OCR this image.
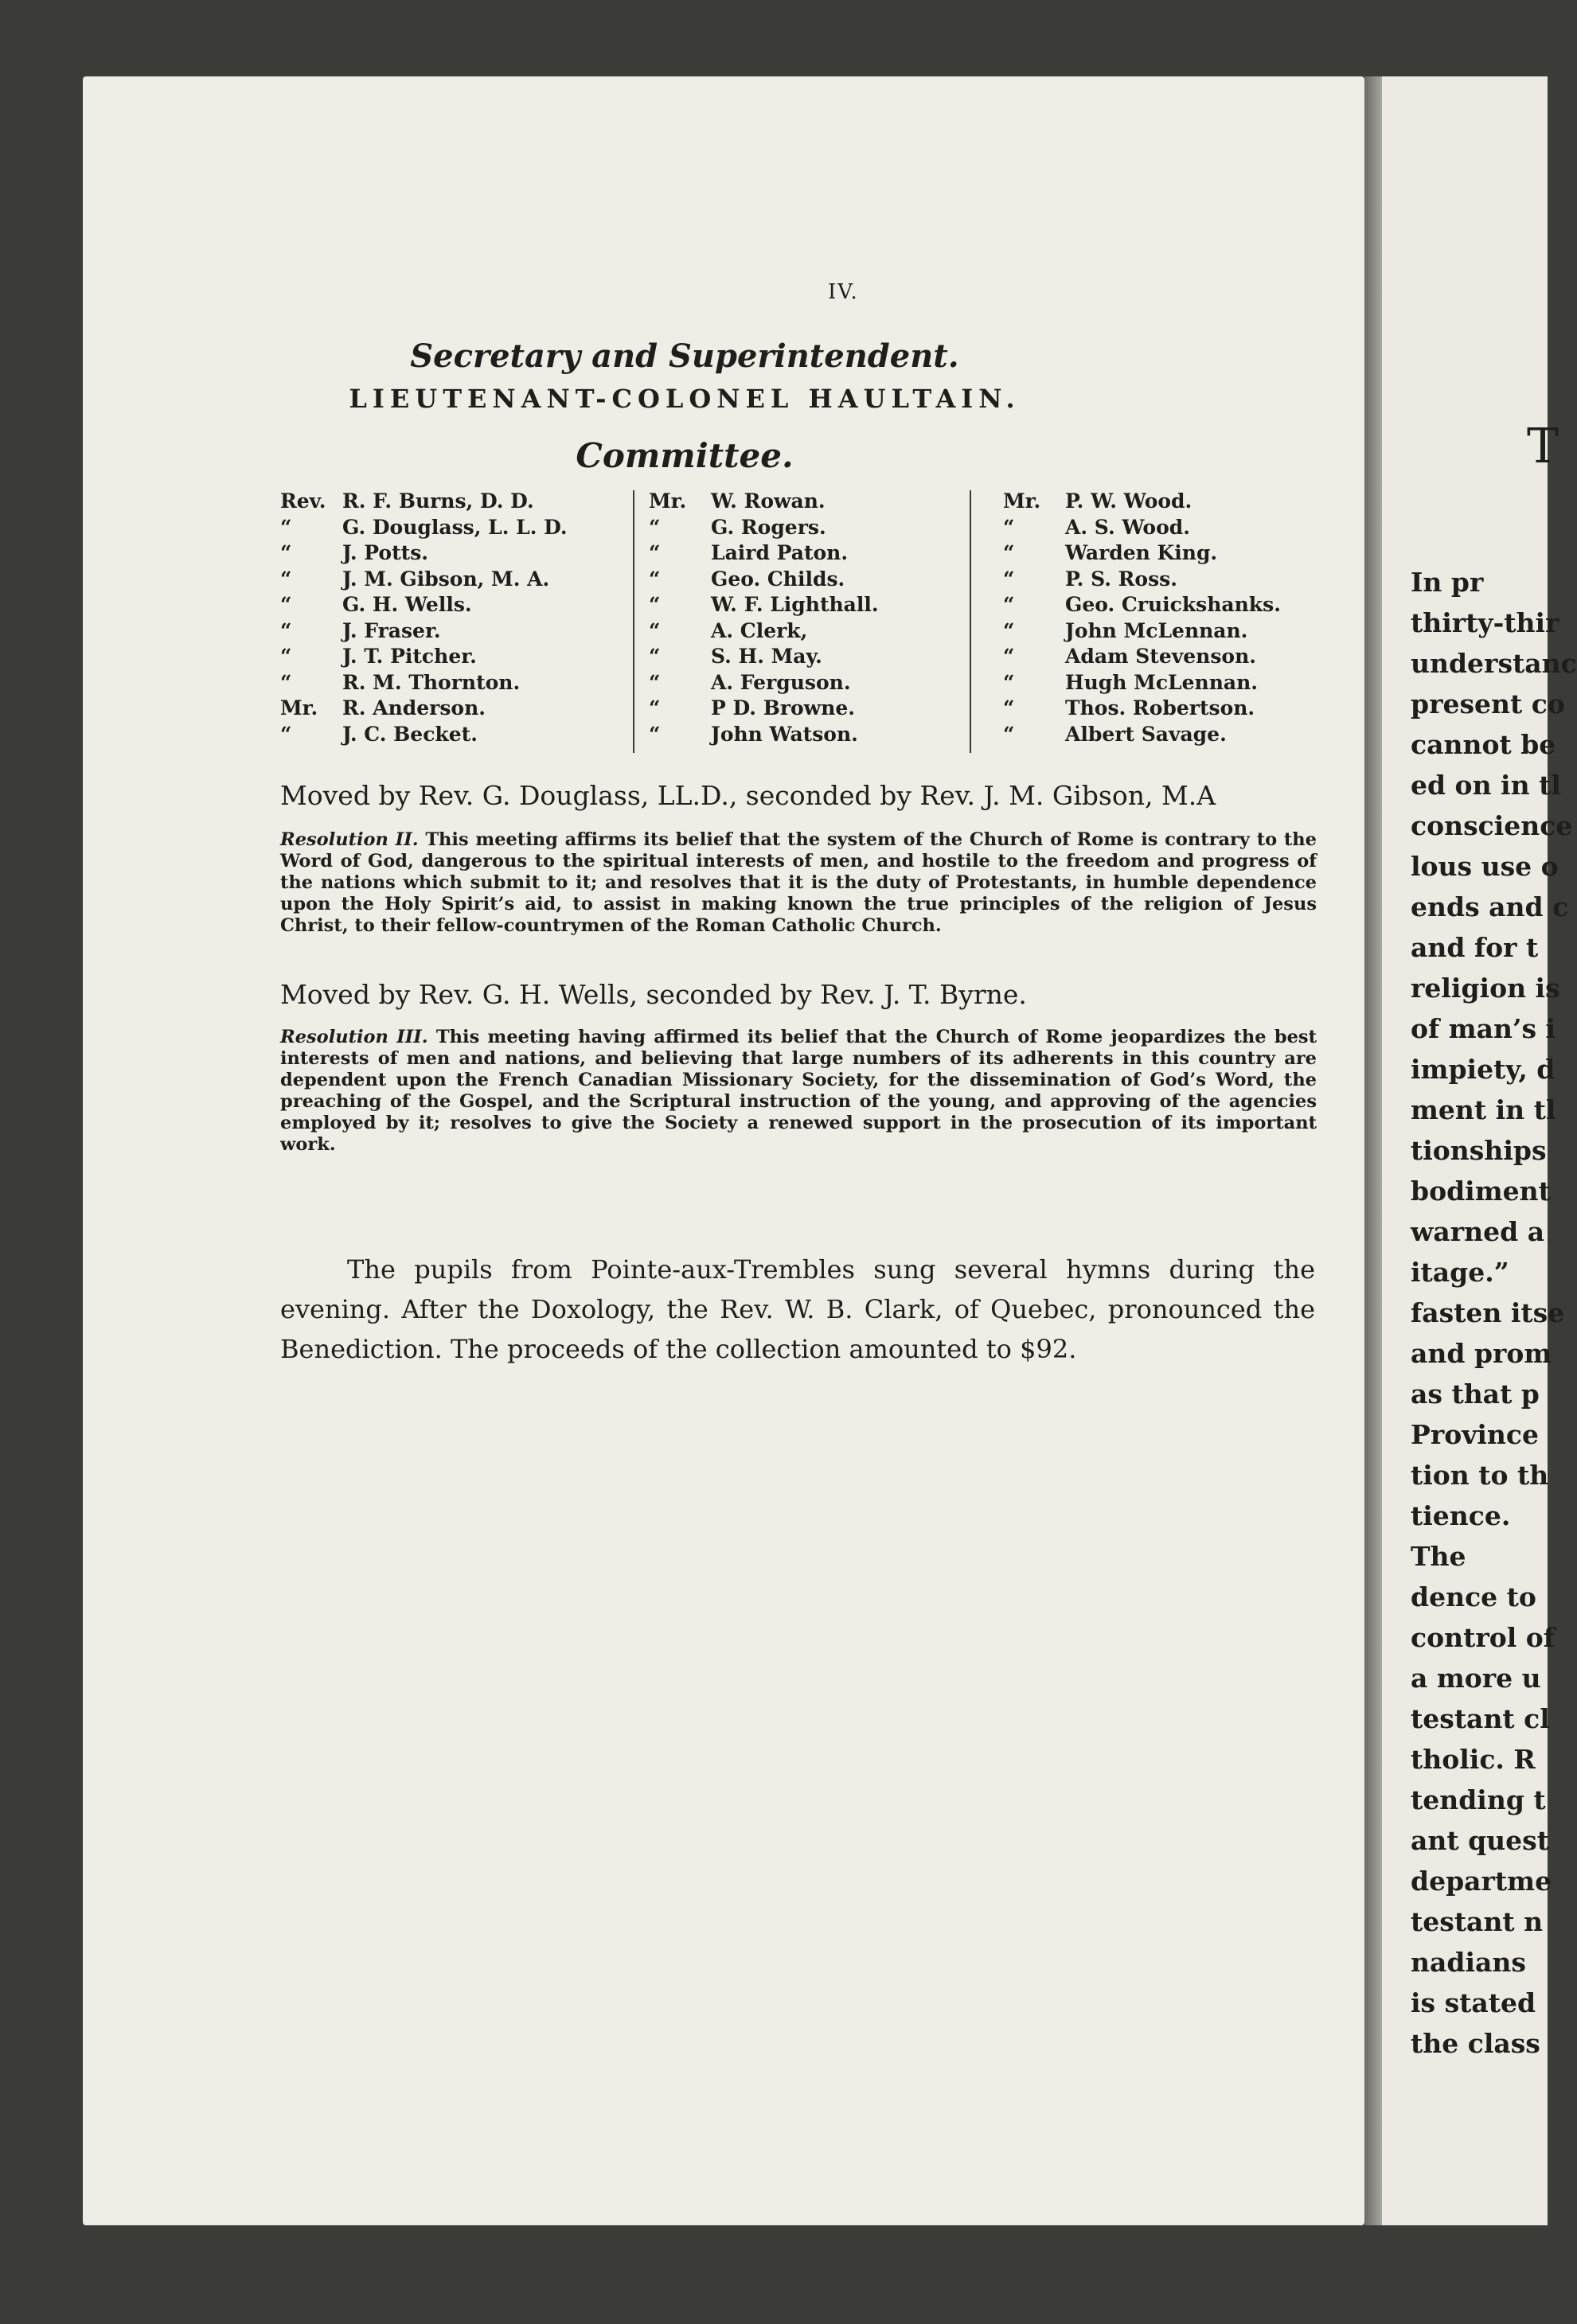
T
In pr
thirty-thir
understanc
present co
cannot be
ed on in tl
conscience
lous use o
ends and c
and for t
religion is
of man’s i
impiety, d
ment in tl
tionships
bodiment
warned a
itage.”
fasten itse
and prom
as that p
Province
tion to th
tience.
The
dence to
control of
a more u
testant cl
tholic. R
tending t
ant quest
departme
testant n
nadians
is stated
the class
IV.
Secretary and Superintendent.
LIEUTENANT-COLONEL HAULTAIN.
Committee.
Rev. R. F. Burns, D. D.
“	G. Douglass, L. L. D.
“	J. Potts.
“	J. M. Gibson, M. A.
“	G. H. Wells.
“	J. Fraser.
“	J. T. Pitcher.
“	R. M. Thornton.
Mr. R. Anderson.
“	J. C. Becket.
Mr. W. Rowan.
“	G. Rogers.
“	Laird Paton.
“	Geo. Childs.
“	W. F. Lighthall.
“	A. Clerk,
“	S. H. May.
“	A. Ferguson.
“	P D. Browne.
“	John Watson.
Mr. P. W. Wood.
“	A. S. Wood.
“	Warden King.
“	P. S. Ross.
“	Geo. Cruickshanks.
“	John McLennan.
“	Adam Stevenson.
“	Hugh McLennan.
“	Thos. Robertson.
“	Albert Savage.
Moved by Rev. G. Douglass, LL.D., seconded by Rev. J. M. Gibson, M.A
Resolution II. This meeting affirms its belief that the system of the Church of Rome is contrary to the Word of God, dangerous to the spiritual interests of men, and hostile to the freedom and progress of the nations which submit to it; and resolves that it is the duty of Protestants, in humble dependence upon the Holy Spirit’s aid, to assist in making known the true principles of the religion of Jesus Christ, to their fellow-countrymen of the Roman Catholic Church.
Moved by Rev. G. H. Wells, seconded by Rev. J. T. Byrne.
Resolution III. This meeting having affirmed its belief that the Church of Rome jeopardizes the best interests of men and nations, and believing that large numbers of its adherents in this country are dependent upon the French Canadian Missionary Society, for the dissemination of God’s Word, the preaching of the Gospel, and the Scriptural instruction of the young, and approving of the agencies employed by it; resolves to give the Society a renewed support in the prosecution of its important work.
The pupils from Pointe-aux-Trembles sung several hymns during the evening. After the Doxology, the Rev. W. B. Clark, of Quebec, pronounced the Benediction. The proceeds of the collection amounted to $92.
